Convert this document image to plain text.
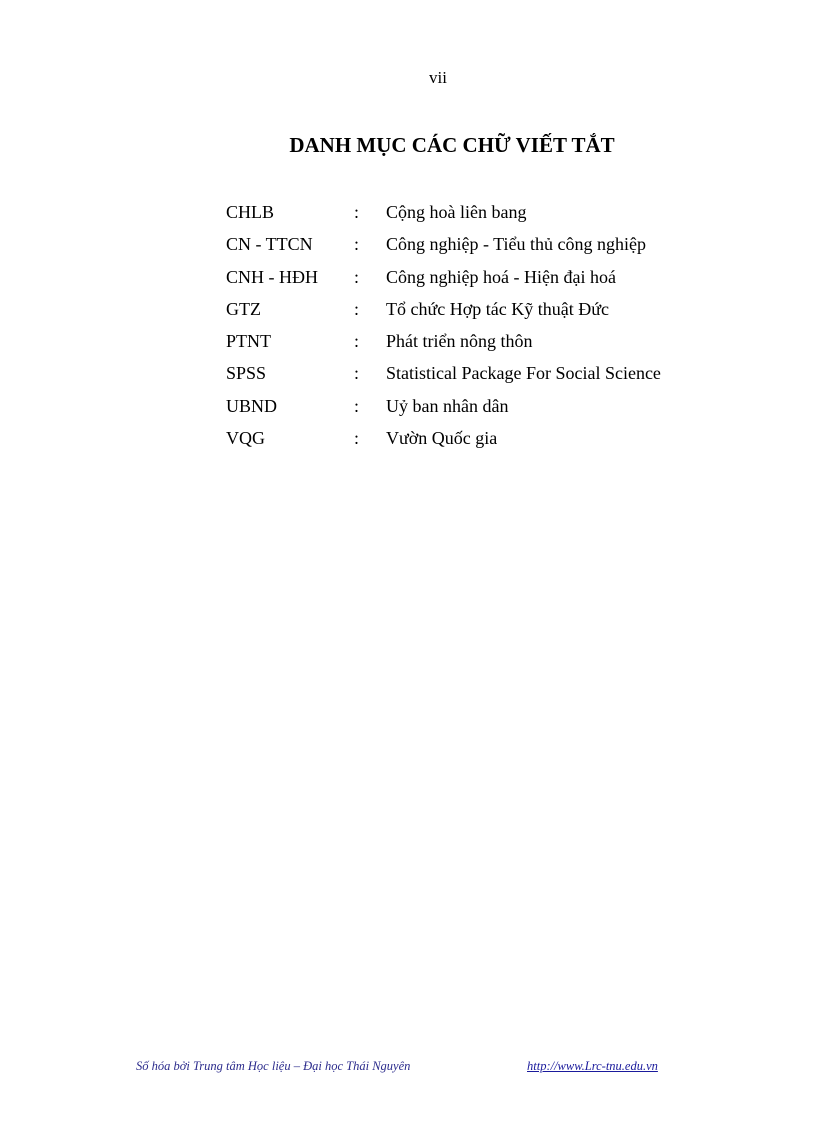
vii
DANH MỤC CÁC CHỮ VIẾT TẮT
CHLB	: Cộng hoà liên bang
CN - TTCN : Công nghiệp - Tiểu thủ công nghiệp
CNH - HĐH : Công nghiệp hoá - Hiện đại hoá
GTZ	: Tổ chức Hợp tác Kỹ thuật Đức
PTNT	: Phát triển nông thôn
SPSS	: Statistical Package For Social Science
UBND	: Uỷ ban nhân dân
VQG	: Vườn Quốc gia
Số hóa bởi Trung tâm Học liệu – Đại học Thái Nguyên	http://www.Lrc-tnu.edu.vn
